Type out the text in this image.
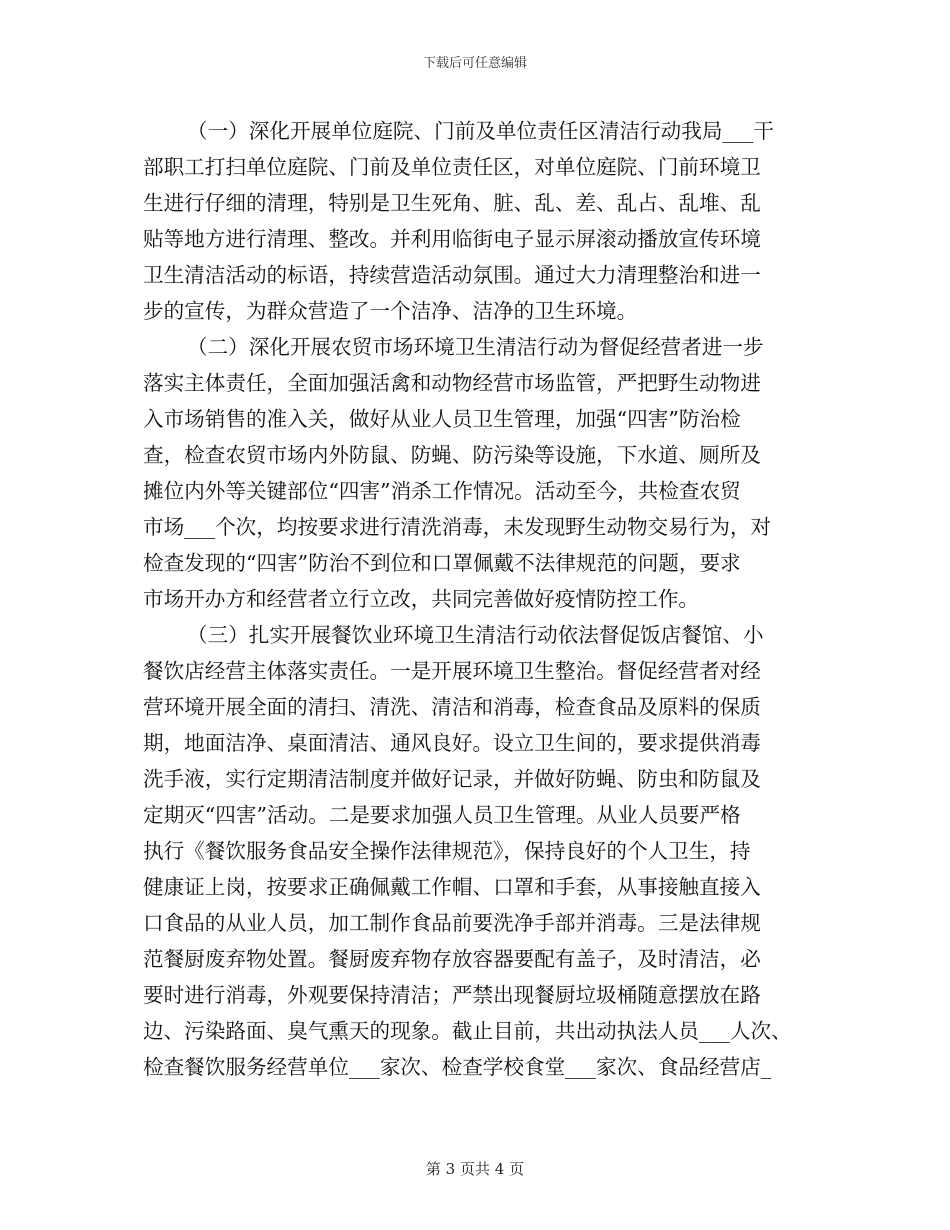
下载后可任意编辑
（一）深化开展单位庭院、门前及单位责任区清洁行动我局___干
部职工打扫单位庭院、门前及单位责任区，对单位庭院、门前环境卫
生进行仔细的清理，特别是卫生死角、脏、乱、差、乱占、乱堆、乱
贴等地方进行清理、整改。并利用临街电子显示屏滚动播放宣传环境
卫生清洁活动的标语，持续营造活动氛围。通过大力清理整治和进一
步的宣传，为群众营造了一个洁净、洁净的卫生环境。
（二）深化开展农贸市场环境卫生清洁行动为督促经营者进一步
落实主体责任，全面加强活禽和动物经营市场监管，严把野生动物进
入市场销售的准入关，做好从业人员卫生管理，加强“四害”防治检
查，检查农贸市场内外防鼠、防蝇、防污染等设施，下水道、厕所及
摊位内外等关键部位“四害”消杀工作情况。活动至今，共检查农贸
市场___个次，均按要求进行清洗消毒，未发现野生动物交易行为，对
检查发现的“四害”防治不到位和口罩佩戴不法律规范的问题，要求
市场开办方和经营者立行立改，共同完善做好疫情防控工作。
（三）扎实开展餐饮业环境卫生清洁行动依法督促饭店餐馆、小
餐饮店经营主体落实责任。一是开展环境卫生整治。督促经营者对经
营环境开展全面的清扫、清洗、清洁和消毒，检查食品及原料的保质
期，地面洁净、桌面清洁、通风良好。设立卫生间的，要求提供消毒
洗手液，实行定期清洁制度并做好记录，并做好防蝇、防虫和防鼠及
定期灭“四害”活动。二是要求加强人员卫生管理。从业人员要严格
执行《餐饮服务食品安全操作法律规范》，保持良好的个人卫生，持
健康证上岗，按要求正确佩戴工作帽、口罩和手套，从事接触直接入
口食品的从业人员，加工制作食品前要洗净手部并消毒。三是法律规
范餐厨废弃物处置。餐厨废弃物存放容器要配有盖子，及时清洁，必
要时进行消毒，外观要保持清洁；严禁出现餐厨垃圾桶随意摆放在路
边、污染路面、臭气熏天的现象。截止目前，共出动执法人员___人次、
检查餐饮服务经营单位___家次、检查学校食堂___家次、食品经营店_
第 3 页共 4 页
